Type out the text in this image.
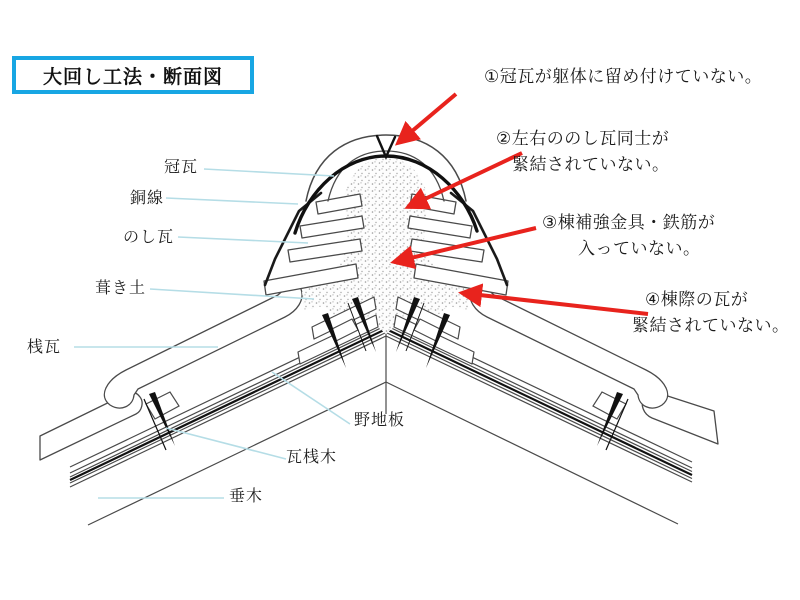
大回し工法・断面図
冠瓦
銅線
のし瓦
葺き土
桟瓦
野地板
瓦桟木
垂木
①冠瓦が躯体に留め付けていない。
②左右ののし瓦同士が
緊結されていない。
③棟補強金具・鉄筋が
入っていない。
④棟際の瓦が
緊結されていない。
